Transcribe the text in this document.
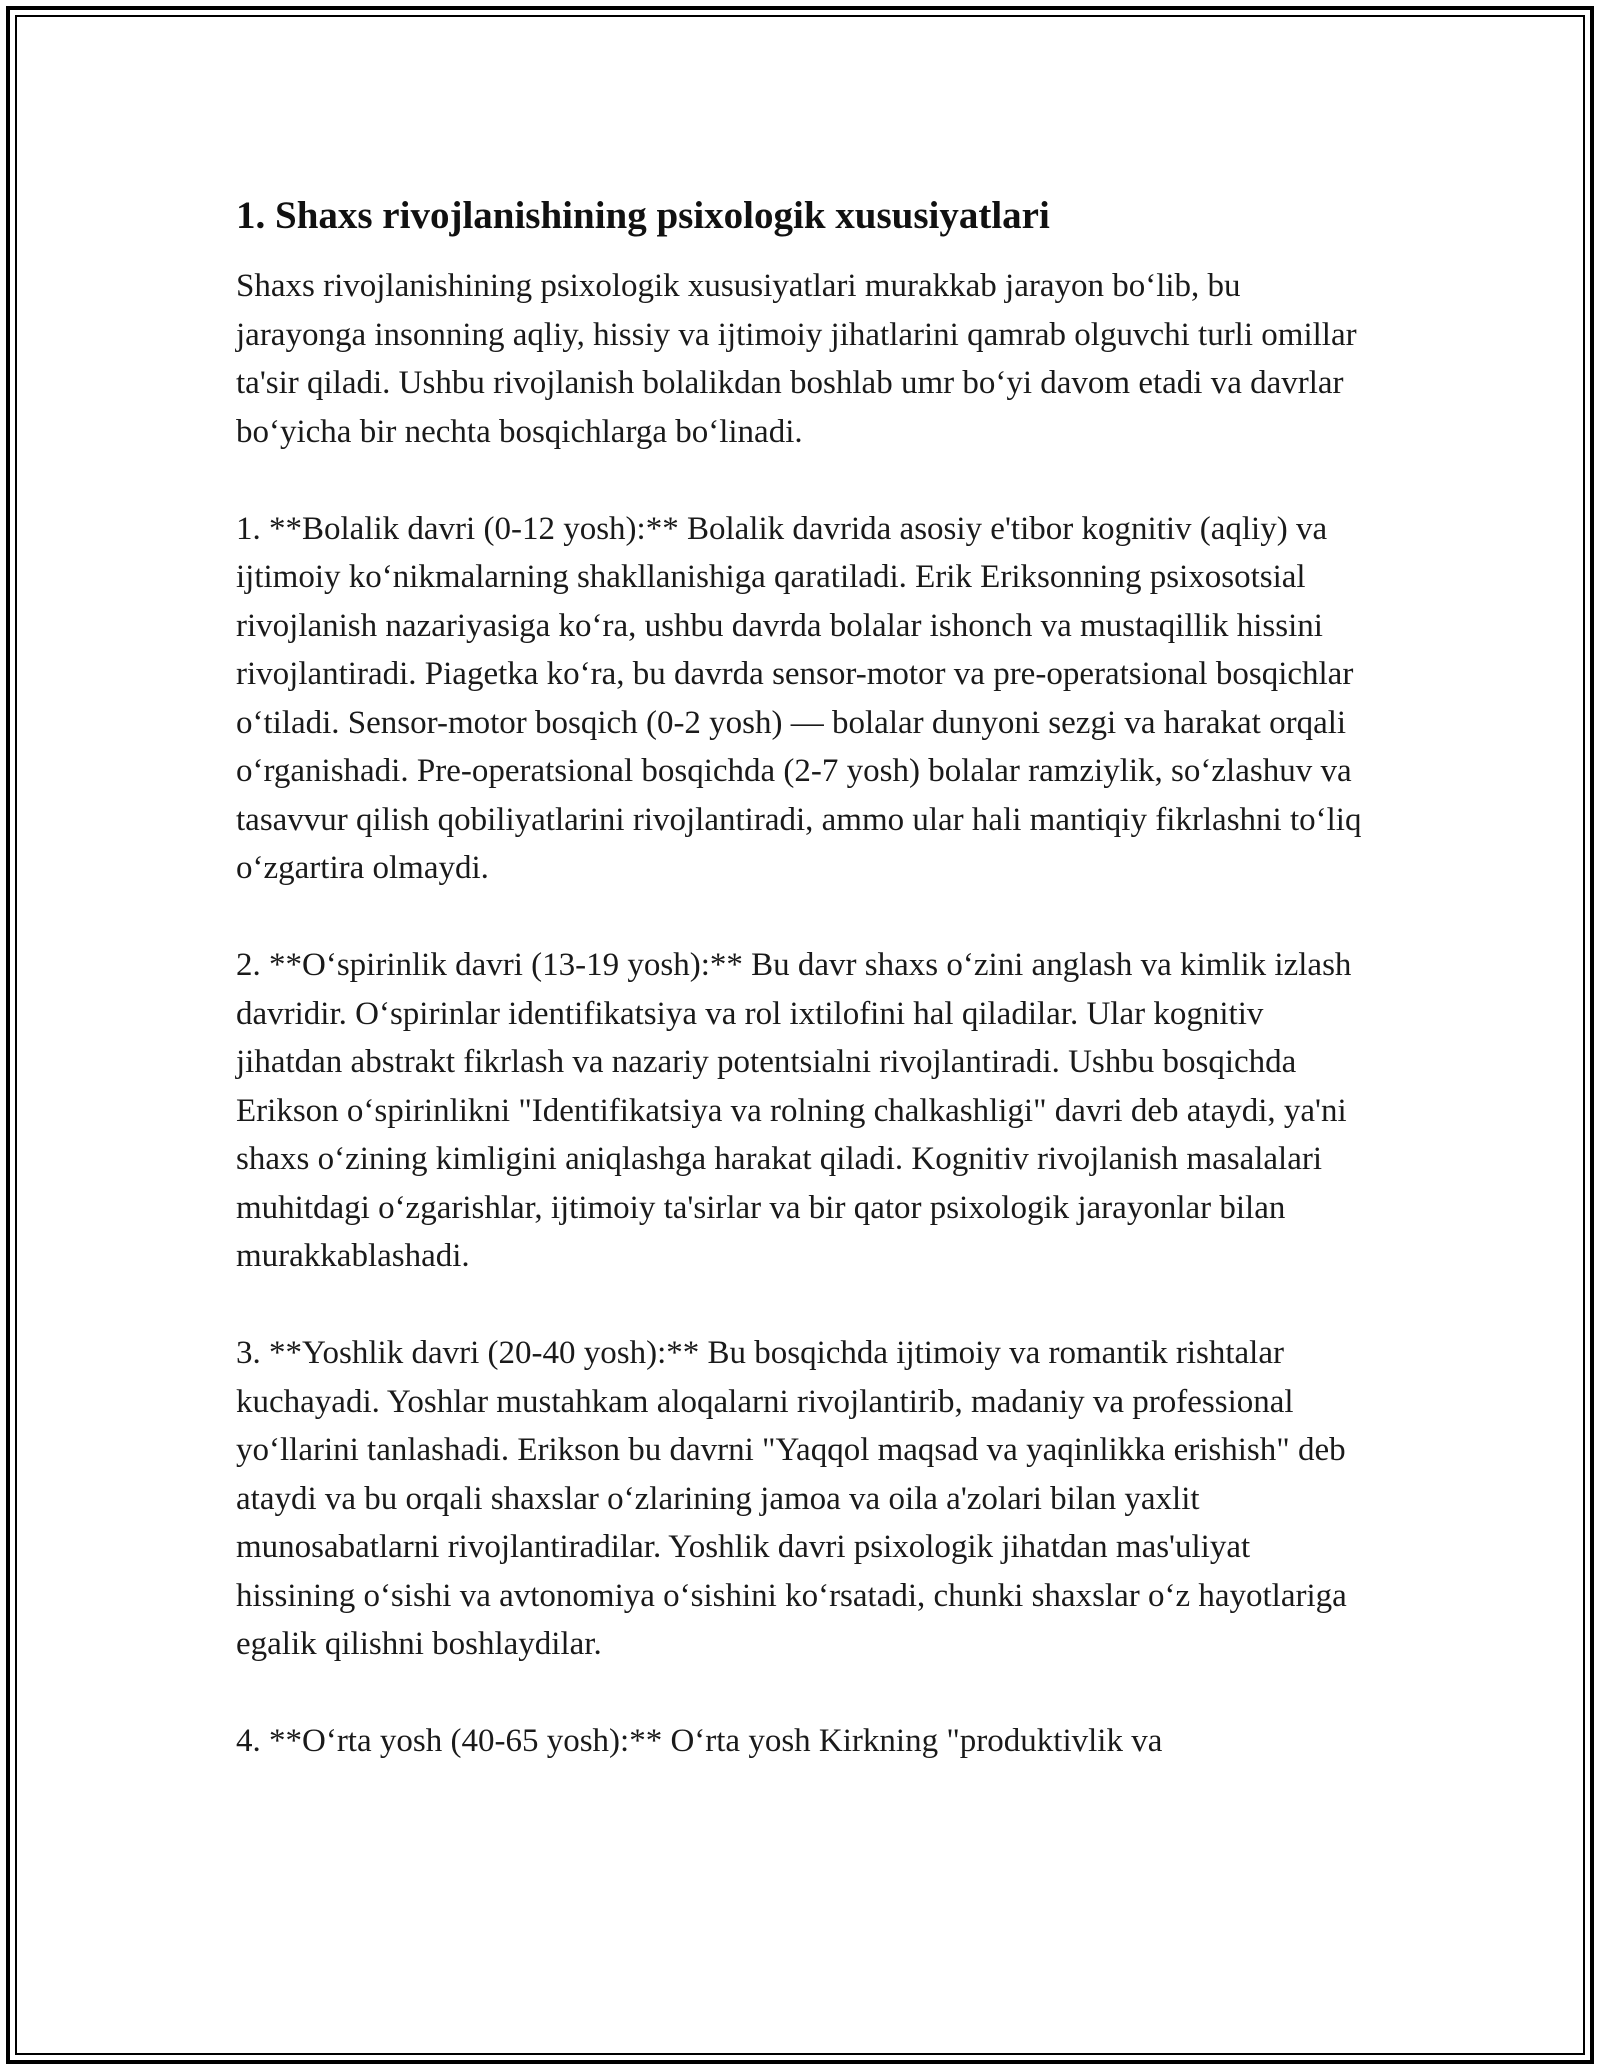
1. Shaxs rivojlanishining psixologik xususiyatlari

Shaxs rivojlanishining psixologik xususiyatlari murakkab jarayon bo‘lib, bu jarayonga insonning aqliy, hissiy va ijtimoiy jihatlarini qamrab olguvchi turli omillar ta'sir qiladi. Ushbu rivojlanish bolalikdan boshlab umr bo‘yi davom etadi va davrlar bo‘yicha bir nechta bosqichlarga bo‘linadi.

1. **Bolalik davri (0-12 yosh):** Bolalik davrida asosiy e'tibor kognitiv (aqliy) va ijtimoiy ko‘nikmalarning shakllanishiga qaratiladi. Erik Eriksonning psixosotsial rivojlanish nazariyasiga ko‘ra, ushbu davrda bolalar ishonch va mustaqillik hissini rivojlantiradi. Piagetka ko‘ra, bu davrda sensor-motor va pre-operatsional bosqichlar o‘tiladi. Sensor-motor bosqich (0-2 yosh) — bolalar dunyoni sezgi va harakat orqali o‘rganishadi. Pre-operatsional bosqichda (2-7 yosh) bolalar ramziylik, so‘zlashuv va tasavvur qilish qobiliyatlarini rivojlantiradi, ammo ular hali mantiqiy fikrlashni to‘liq o‘zgartira olmaydi.

2. **O‘spirinlik davri (13-19 yosh):** Bu davr shaxs o‘zini anglash va kimlik izlash davridir. O‘spirinlar identifikatsiya va rol ixtilofini hal qiladilar. Ular kognitiv jihatdan abstrakt fikrlash va nazariy potentsialni rivojlantiradi. Ushbu bosqichda Erikson o‘spirinlikni "Identifikatsiya va rolning chalkashligi" davri deb ataydi, ya'ni shaxs o‘zining kimligini aniqlashga harakat qiladi. Kognitiv rivojlanish masalalari muhitdagi o‘zgarishlar, ijtimoiy ta'sirlar va bir qator psixologik jarayonlar bilan murakkablashadi.

3. **Yoshlik davri (20-40 yosh):** Bu bosqichda ijtimoiy va romantik rishtalar kuchayadi. Yoshlar mustahkam aloqalarni rivojlantirib, madaniy va professional yo‘llarini tanlashadi. Erikson bu davrni "Yaqqol maqsad va yaqinlikka erishish" deb ataydi va bu orqali shaxslar o‘zlarining jamoa va oila a'zolari bilan yaxlit munosabatlarni rivojlantiradilar. Yoshlik davri psixologik jihatdan mas'uliyat hissining o‘sishi va avtonomiya o‘sishini ko‘rsatadi, chunki shaxslar o‘z hayotlariga egalik qilishni boshlaydilar.

4. **O‘rta yosh (40-65 yosh):** O‘rta yosh Kirkning "produktivlik va
